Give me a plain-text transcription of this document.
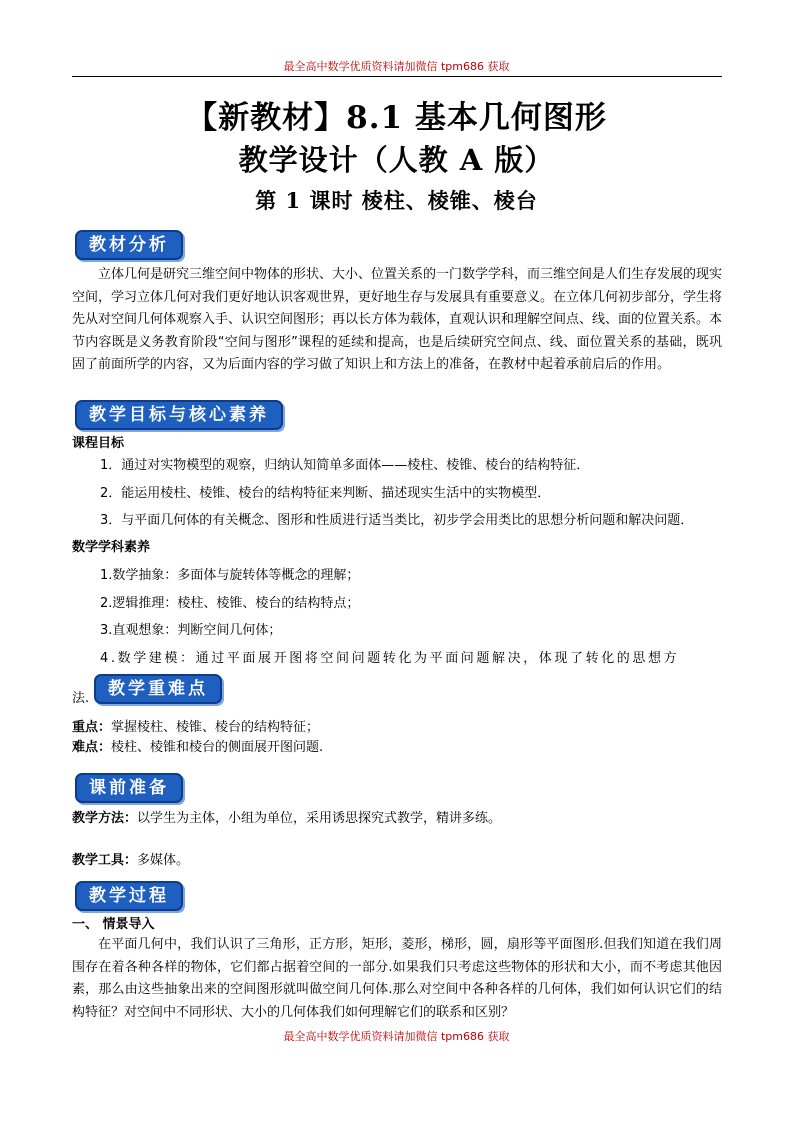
最全高中数学优质资料请加微信 tpm686 获取
【新教材】8.1 基本几何图形
教学设计（人教 A 版）
第 1 课时 棱柱、棱锥、棱台
教材分析
立体几何是研究三维空间中物体的形状、大小、位置关系的一门数学学科，而三维空间是人们生存发展的现实空间，学习立体几何对我们更好地认识客观世界，更好地生存与发展具有重要意义。在立体几何初步部分，学生将先从对空间几何体观察入手、认识空间图形；再以长方体为载体，直观认识和理解空间点、线、面的位置关系。本节内容既是义务教育阶段“空间与图形”课程的延续和提高，也是后续研究空间点、线、面位置关系的基础，既巩固了前面所学的内容，又为后面内容的学习做了知识上和方法上的准备，在教材中起着承前启后的作用。
教学目标与核心素养
课程目标
1．通过对实物模型的观察，归纳认知简单多面体——棱柱、棱锥、棱台的结构特征．
2．能运用棱柱、棱锥、棱台的结构特征来判断、描述现实生活中的实物模型．
3．与平面几何体的有关概念、图形和性质进行适当类比，初步学会用类比的思想分析问题和解决问题．
数学学科素养
1.数学抽象：多面体与旋转体等概念的理解；
2.逻辑推理：棱柱、棱锥、棱台的结构特点；
3.直观想象：判断空间几何体；
4.数学建模：通过平面展开图将空间问题转化为平面问题解决，体现了转化的思想方
法.	教学重难点
重点：掌握棱柱、棱锥、棱台的结构特征；
难点：棱柱、棱锥和棱台的侧面展开图问题.
课前准备
教学方法：以学生为主体，小组为单位，采用诱思探究式教学，精讲多练。
教学工具：多媒体。
教学过程
一、 情景导入
在平面几何中，我们认识了三角形，正方形，矩形，菱形，梯形，圆，扇形等平面图形.但我们知道在我们周围存在着各种各样的物体，它们都占据着空间的一部分.如果我们只考虑这些物体的形状和大小，而不考虑其他因素，那么由这些抽象出来的空间图形就叫做空间几何体.那么对空间中各种各样的几何体，我们如何认识它们的结构特征？对空间中不同形状、大小的几何体我们如何理解它们的联系和区别？
最全高中数学优质资料请加微信 tpm686 获取
